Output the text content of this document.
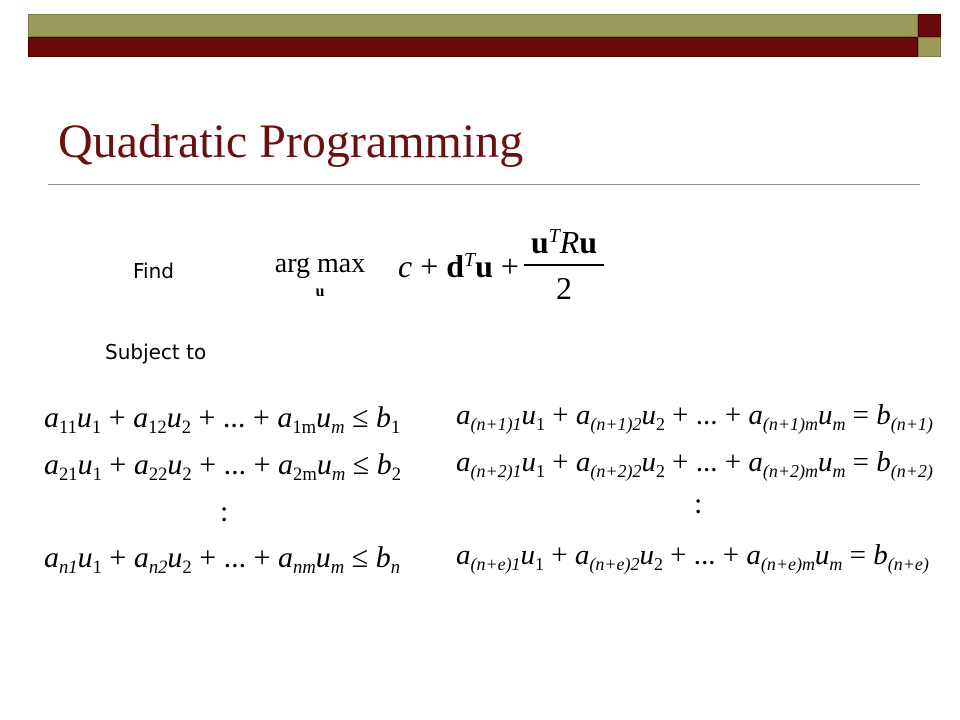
Quadratic Programming
Find
Subject to
arg max
u
$c + d^Tu$ +
$u^TRu$
2
$a_{11}u_1 + a_{12}u_2$ + ... + $a_{1m}u_m \le b_1$
$a_{21}u_1 + a_{22}u_2$ + ... + $a_{2m}u_m \le b_2$
:
$a_{n1}u_1 + a_{n2}u_2$ + ... + $a_{nm}u_m \le b_n$
$a_{(n+1)1}u_1 + a_{(n+1)2}u_2$ + ... + $a_{(n+1)m}u_m = b_{(n+1)}$
$a_{(n+2)1}u_1 + a_{(n+2)2}u_2$ + ... + $a_{(n+2)m}u_m = b_{(n+2)}$
:
$a_{(n+e)1}u_1 + a_{(n+e)2}u_2$ + ... + $a_{(n+e)m}u_m = b_{(n+e)}$
